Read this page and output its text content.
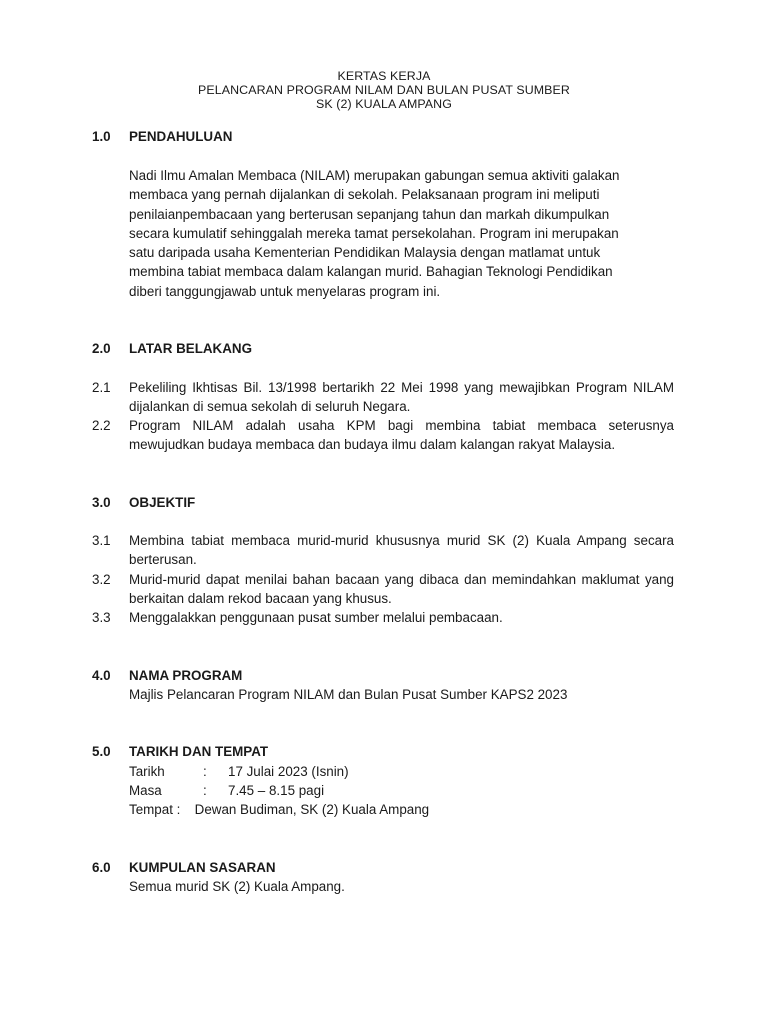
KERTAS KERJA
PELANCARAN PROGRAM NILAM DAN BULAN PUSAT SUMBER
SK (2) KUALA AMPANG
1.0 PENDAHULUAN
Nadi Ilmu Amalan Membaca (NILAM) merupakan gabungan semua aktiviti galakan
membaca yang pernah dijalankan di sekolah. Pelaksanaan program ini meliputi
penilaianpembacaan yang berterusan sepanjang tahun dan markah dikumpulkan
secara kumulatif sehinggalah mereka tamat persekolahan. Program ini merupakan
satu daripada usaha Kementerian Pendidikan Malaysia dengan matlamat untuk
membina tabiat membaca dalam kalangan murid. Bahagian Teknologi Pendidikan
diberi tanggungjawab untuk menyelaras program ini.
2.0 LATAR BELAKANG
2.1 Pekeliling Ikhtisas Bil. 13/1998 bertarikh 22 Mei 1998 yang mewajibkan Program NILAM dijalankan di semua sekolah di seluruh Negara.
2.2 Program NILAM adalah usaha KPM bagi membina tabiat membaca seterusnya mewujudkan budaya membaca dan budaya ilmu dalam kalangan rakyat Malaysia.
3.0 OBJEKTIF
3.1 Membina tabiat membaca murid-murid khususnya murid SK (2) Kuala Ampang secara berterusan.
3.2 Murid-murid dapat menilai bahan bacaan yang dibaca dan memindahkan maklumat yang berkaitan dalam rekod bacaan yang khusus.
3.3 Menggalakkan penggunaan pusat sumber melalui pembacaan.
4.0 NAMA PROGRAM
Majlis Pelancaran Program NILAM dan Bulan Pusat Sumber KAPS2 2023
5.0 TARIKH DAN TEMPAT
Tarikh	: 17 Julai 2023 (Isnin)
Masa	: 7.45 – 8.15 pagi
Tempat : Dewan Budiman, SK (2) Kuala Ampang
6.0 KUMPULAN SASARAN
Semua murid SK (2) Kuala Ampang.
